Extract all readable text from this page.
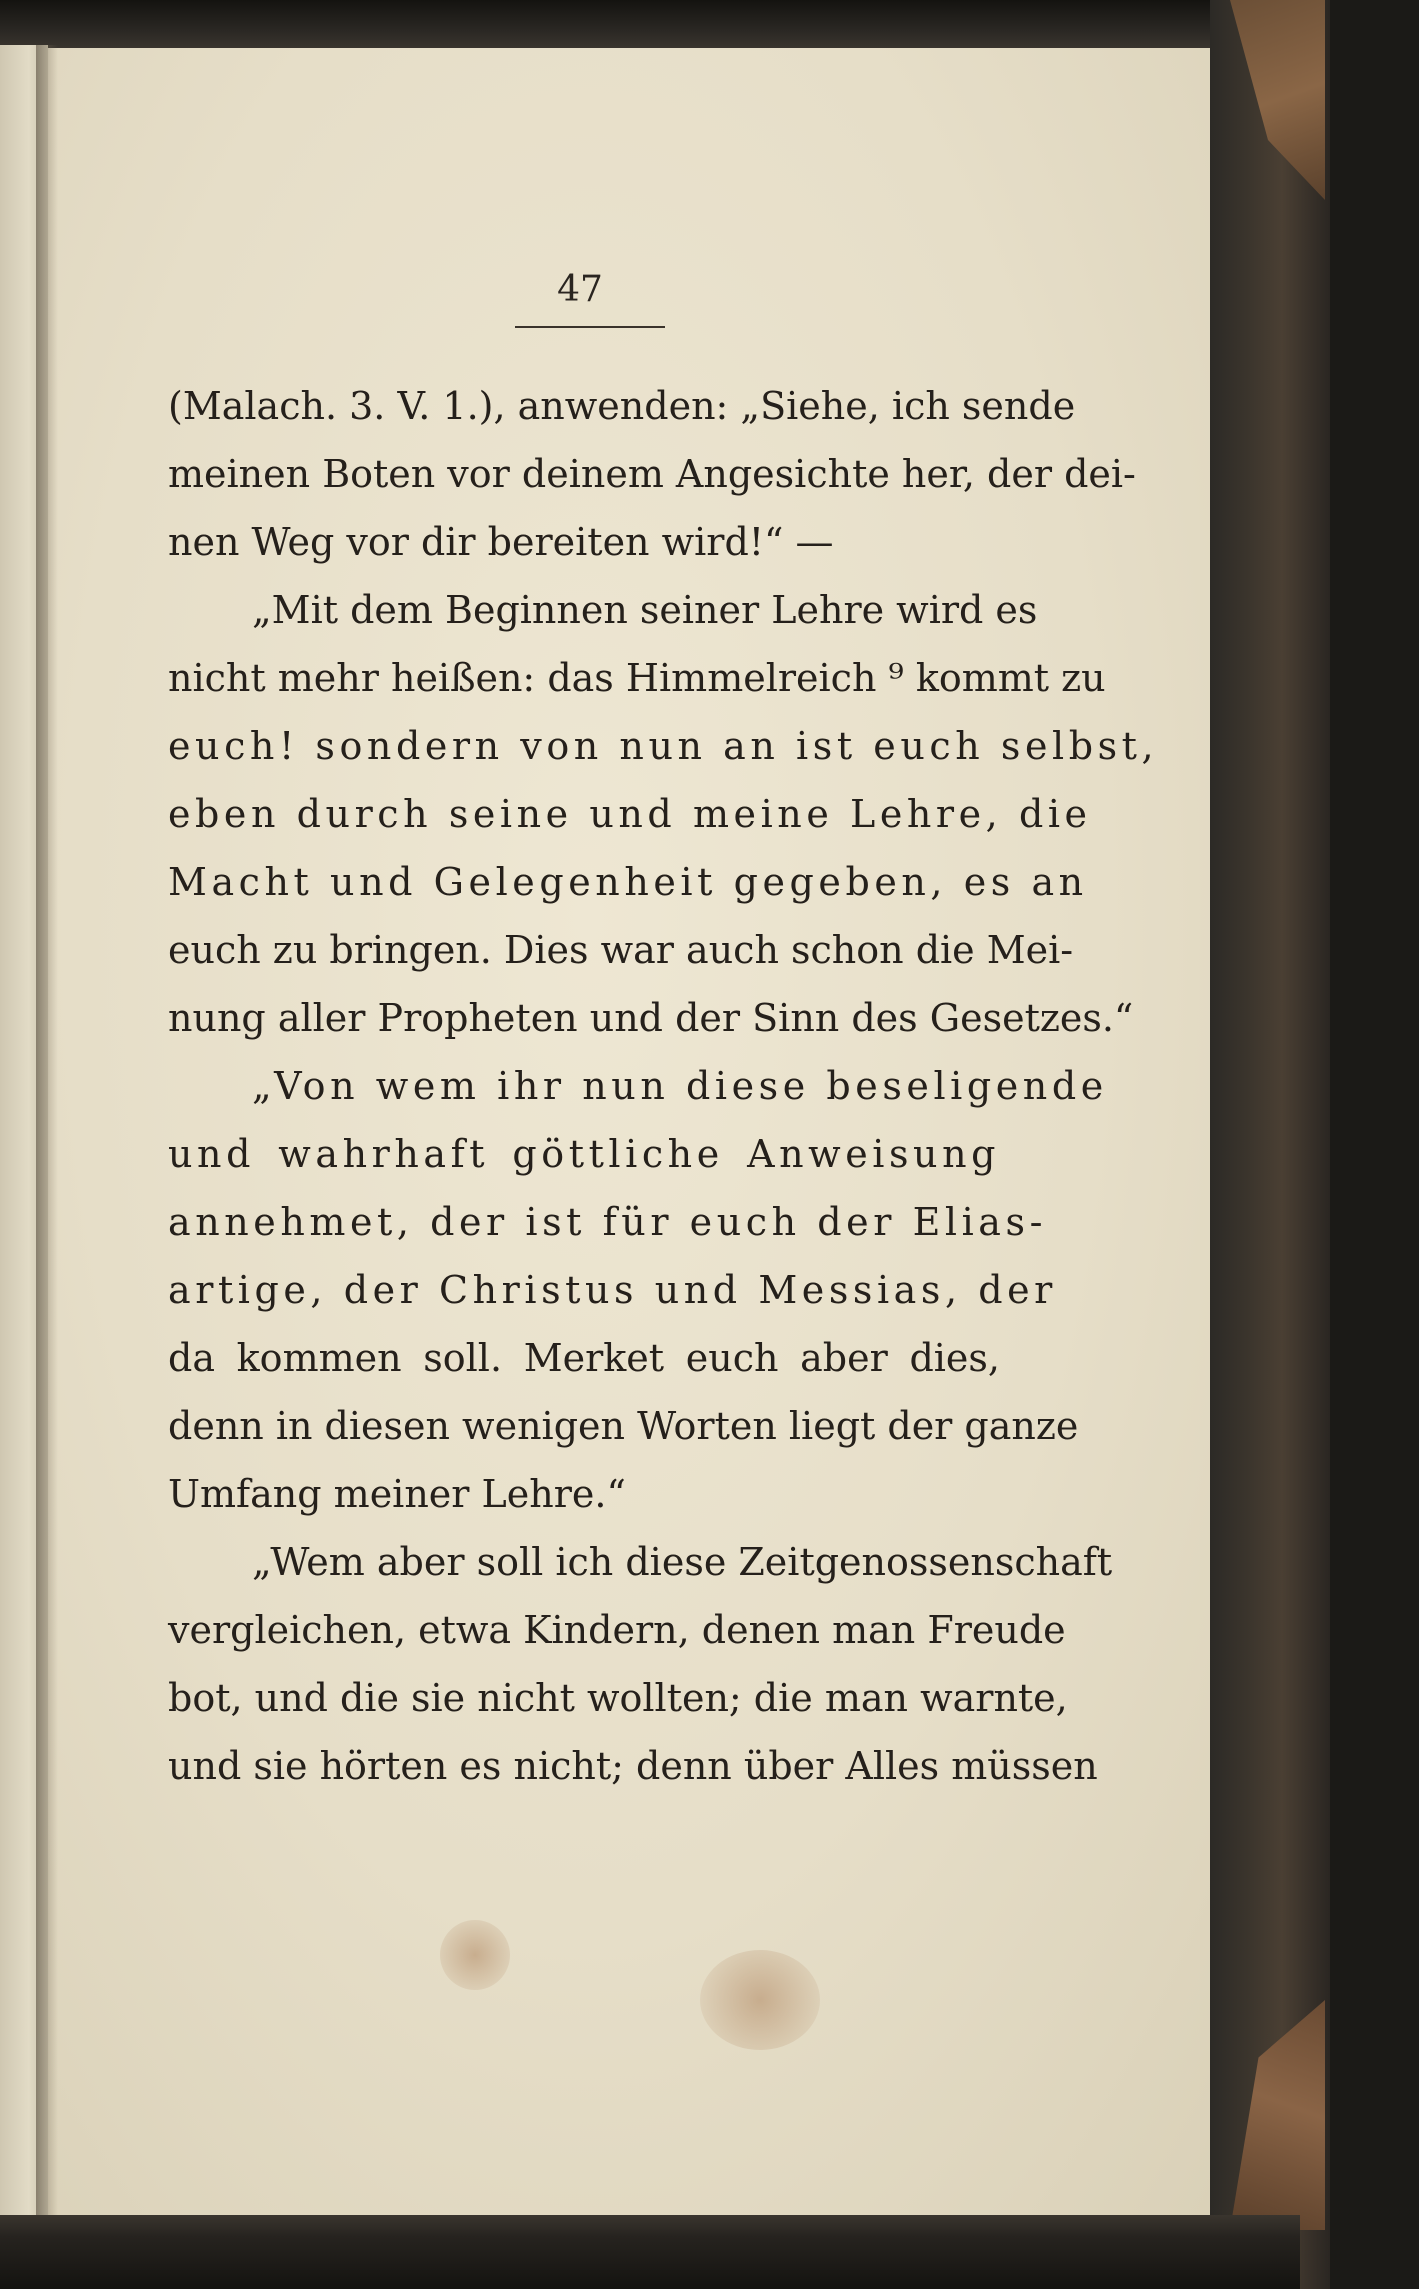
47
(Malach. 3. V. 1.), anwenden: „Siehe, ich sende
meinen Boten vor deinem Angesichte her, der dei-
nen Weg vor dir bereiten wird!“ —
„Mit dem Beginnen seiner Lehre wird es
nicht mehr heißen: das Himmelreich ⁹ kommt zu
euch! sondern von nun an ist euch selbst,
eben durch seine und meine Lehre, die
Macht und Gelegenheit gegeben, es an
euch zu bringen. Dies war auch schon die Mei-
nung aller Propheten und der Sinn des Gesetzes.“
„Von wem ihr nun diese beseligende
und wahrhaft göttliche Anweisung
annehmet, der ist für euch der Elias-
artige, der Christus und Messias, der
da kommen soll. Merket euch aber dies,
denn in diesen wenigen Worten liegt der ganze
Umfang meiner Lehre.“
„Wem aber soll ich diese Zeitgenossenschaft
vergleichen, etwa Kindern, denen man Freude
bot, und die sie nicht wollten; die man warnte,
und sie hörten es nicht; denn über Alles müssen
